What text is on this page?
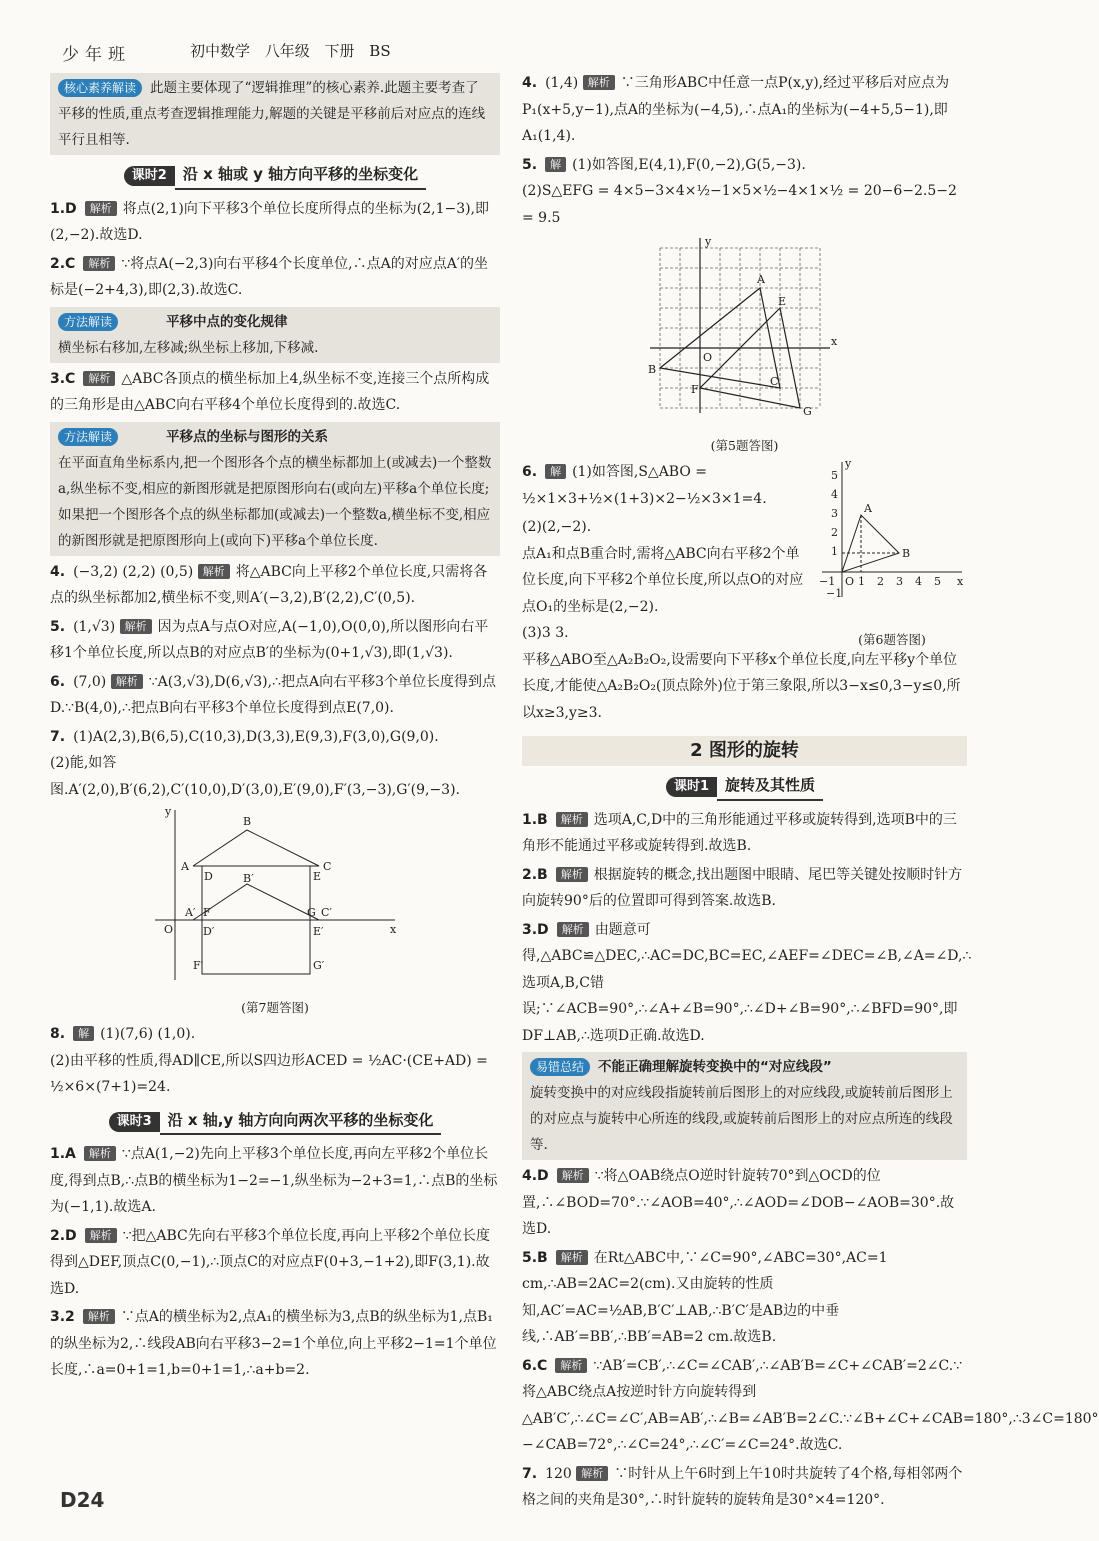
少年班	初中数学 八年级 下册 BS
核心素养解读 此题主要体现了“逻辑推理”的核心素养.此题主要考查了平移的性质,重点考查逻辑推理能力,解题的关键是平移前后对应点的连线平行且相等.
课时2 沿 x 轴或 y 轴方向平移的坐标变化
1.D 解析 将点(2,1)向下平移3个单位长度所得点的坐标为(2,1−3),即(2,−2).故选D.
2.C 解析 ∵将点A(−2,3)向右平移4个长度单位,∴点A的对应点A′的坐标是(−2+4,3),即(2,3).故选C.
方法解读	平移中点的变化规律
横坐标右移加,左移减;纵坐标上移加,下移减.
3.C 解析 △ABC各顶点的横坐标加上4,纵坐标不变,连接三个点所构成的三角形是由△ABC向右平移4个单位长度得到的.故选C.
方法解读	平移点的坐标与图形的关系
在平面直角坐标系内,把一个图形各个点的横坐标都加上(或减去)一个整数a,纵坐标不变,相应的新图形就是把原图形向右(或向左)平移a个单位长度;如果把一个图形各个点的纵坐标都加(或减去)一个整数a,横坐标不变,相应的新图形就是把原图形向上(或向下)平移a个单位长度.
4. (−3,2) (2,2) (0,5) 解析 将△ABC向上平移2个单位长度,只需将各点的纵坐标都加2,横坐标不变,则A′(−3,2),B′(2,2),C′(0,5).
5. (1,√3) 解析 因为点A与点O对应,A(−1,0),O(0,0),所以图形向右平移1个单位长度,所以点B的对应点B′的坐标为(0+1,√3),即(1,√3).
6. (7,0) 解析 ∵A(3,√3),D(6,√3),∴把点A向右平移3个单位长度得到点D.∵B(4,0),∴把点B向右平移3个单位长度得到点E(7,0).
7. (1)A(2,3),B(6,5),C(10,3),D(3,3),E(9,3),F(3,0),G(9,0).
(2)能,如答图.A′(2,0),B′(6,2),C′(10,0),D′(3,0),E′(9,0),F′(3,−3),G′(9,−3).
y
x
B
A	C
D	E
B′
A′ F	G C′
D′	E′
F′	G′
O
(第7题答图)
8. 解 (1)(7,6) (1,0).
(2)由平移的性质,得AD∥CE,所以S四边形ACED = ½AC·(CE+AD) =
½×6×(7+1)=24.
课时3 沿 x 轴,y 轴方向向两次平移的坐标变化
1.A 解析 ∵点A(1,−2)先向上平移3个单位长度,再向左平移2个单位长度,得到点B,∴点B的横坐标为1−2=−1,纵坐标为−2+3=1,∴点B的坐标为(−1,1).故选A.
2.D 解析 ∵把△ABC先向右平移3个单位长度,再向上平移2个单位长度得到△DEF,顶点C(0,−1),∴顶点C的对应点F(0+3,−1+2),即F(3,1).故选D.
3.2 解析 ∵点A的横坐标为2,点A₁的横坐标为3,点B的纵坐标为1,点B₁的纵坐标为2,∴线段AB向右平移3−2=1个单位,向上平移2−1=1个单位长度,∴a=0+1=1,b=0+1=1,∴a+b=2.
4. (1,4) 解析 ∵三角形ABC中任意一点P(x,y),经过平移后对应点为P₁(x+5,y−1),点A的坐标为(−4,5),∴点A₁的坐标为(−4+5,5−1),即A₁(1,4).
5. 解 (1)如答图,E(4,1),F(0,−2),G(5,−3).
(2)S△EFG = 4×5−3×4×½−1×5×½−4×1×½ = 20−6−2.5−2 = 9.5
y
x
O
A
B
C
E
F
G
(第5题答图)
6. 解 (1)如答图,S△ABO = ½×1×3+½×(1+3)×2−½×3×1=4.
(2)(2,−2).
点A₁和点B重合时,需将△ABC向右平移2个单位长度,向下平移2个单位长度,所以点O的对应点O₁的坐标是(2,−2).
y
x
A
B
5
4
3
2
1
−1 O 1 2 3 4 5
−1
(第6题答图)
(3)3 3.
平移△ABO至△A₂B₂O₂,设需要向下平移x个单位长度,向左平移y个单位长度,才能使△A₂B₂O₂(顶点除外)位于第三象限,所以3−x≤0,3−y≤0,所以x≥3,y≥3.
2 图形的旋转
课时1 旋转及其性质
1.B 解析 选项A,C,D中的三角形能通过平移或旋转得到,选项B中的三角形不能通过平移或旋转得到.故选B.
2.B 解析 根据旋转的概念,找出题图中眼睛、尾巴等关键处按顺时针方向旋转90°后的位置即可得到答案.故选B.
3.D 解析 由题意可得,△ABC≌△DEC,∴AC=DC,BC=EC,∠AEF=∠DEC=∠B,∠A=∠D,∴选项A,B,C错误;∵∠ACB=90°,∴∠A+∠B=90°,∴∠D+∠B=90°,∴∠BFD=90°,即DF⊥AB,∴选项D正确.故选D.
易错总结 不能正确理解旋转变换中的“对应线段”
旋转变换中的对应线段指旋转前后图形上的对应线段,或旋转前后图形上的对应点与旋转中心所连的线段,或旋转前后图形上的对应点所连的线段等.
4.D 解析 ∵将△OAB绕点O逆时针旋转70°到△OCD的位置,∴∠BOD=70°.∵∠AOB=40°,∴∠AOD=∠DOB−∠AOB=30°.故选D.
5.B 解析 在Rt△ABC中,∵∠C=90°,∠ABC=30°,AC=1 cm,∴AB=2AC=2(cm).又由旋转的性质知,AC′=AC=½AB,B′C′⊥AB,∴B′C′是AB边的中垂线,∴AB′=BB′,∴BB′=AB=2 cm.故选B.
6.C 解析 ∵AB′=CB′,∴∠C=∠CAB′,∴∠AB′B=∠C+∠CAB′=2∠C.∵将△ABC绕点A按逆时针方向旋转得到△AB′C′,∴∠C=∠C′,AB=AB′,∴∠B=∠AB′B=2∠C.∵∠B+∠C+∠CAB=180°,∴3∠C=180°−∠CAB=72°,∴∠C=24°,∴∠C′=∠C=24°.故选C.
7. 120 解析 ∵时针从上午6时到上午10时共旋转了4个格,每相邻两个格之间的夹角是30°,∴时针旋转的旋转角是30°×4=120°.
D24
